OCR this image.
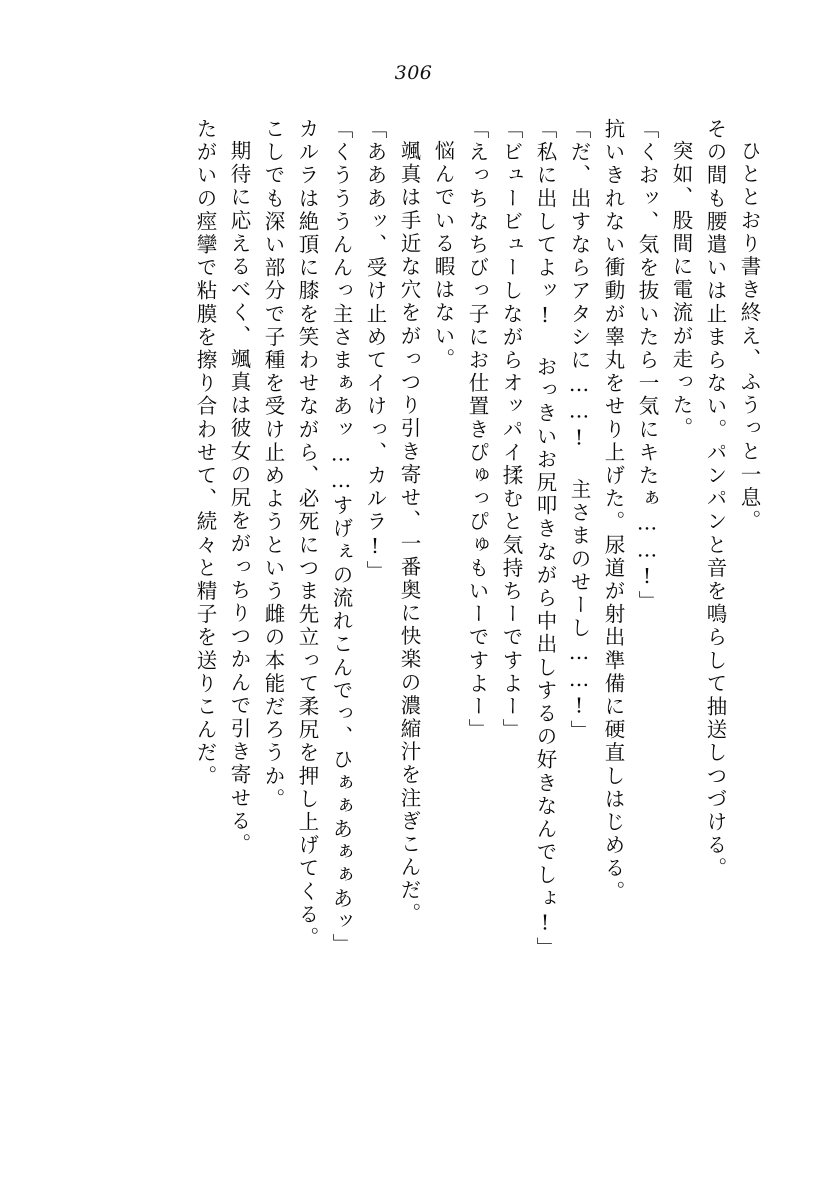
306
ひととおり書き終え、ふうっと一息。
その間も腰遣いは止まらない。パンパンと音を鳴らして抽送しつづける。
突如、股間に電流が走った。
「くおッ、気を抜いたら一気にキたぁ……!」
抗いきれない衝動が睾丸をせり上げた。尿道が射出準備に硬直しはじめる。
「だ、出すならアタシに……! 主さまのせーし……!」
「私に出してよッ! おっきいお尻叩きながら中出しするの好きなんでしょ!」
「ビュービューしながらオッパイ揉むと気持ちーですよー」
「えっちなちびっ子にお仕置きぴゅっぴゅもいーですよー」
悩んでいる暇はない。
颯真は手近な穴をがっつり引き寄せ、一番奥に快楽の濃縮汁を注ぎこんだ。
「あああッ、受け止めてイけっ、カルラ!」
「くうううんんっ主さまぁあッ……すげぇの流れこんでっ、ひぁぁあぁぁあッ」
カルラは絶頂に膝を笑わせながら、必死につま先立って柔尻を押し上げてくる。
こしでも深い部分で子種を受け止めようという雌の本能だろうか。
期待に応えるべく、颯真は彼女の尻をがっちりつかんで引き寄せる。
たがいの痙攣で粘膜を擦り合わせて、続々と精子を送りこんだ。
